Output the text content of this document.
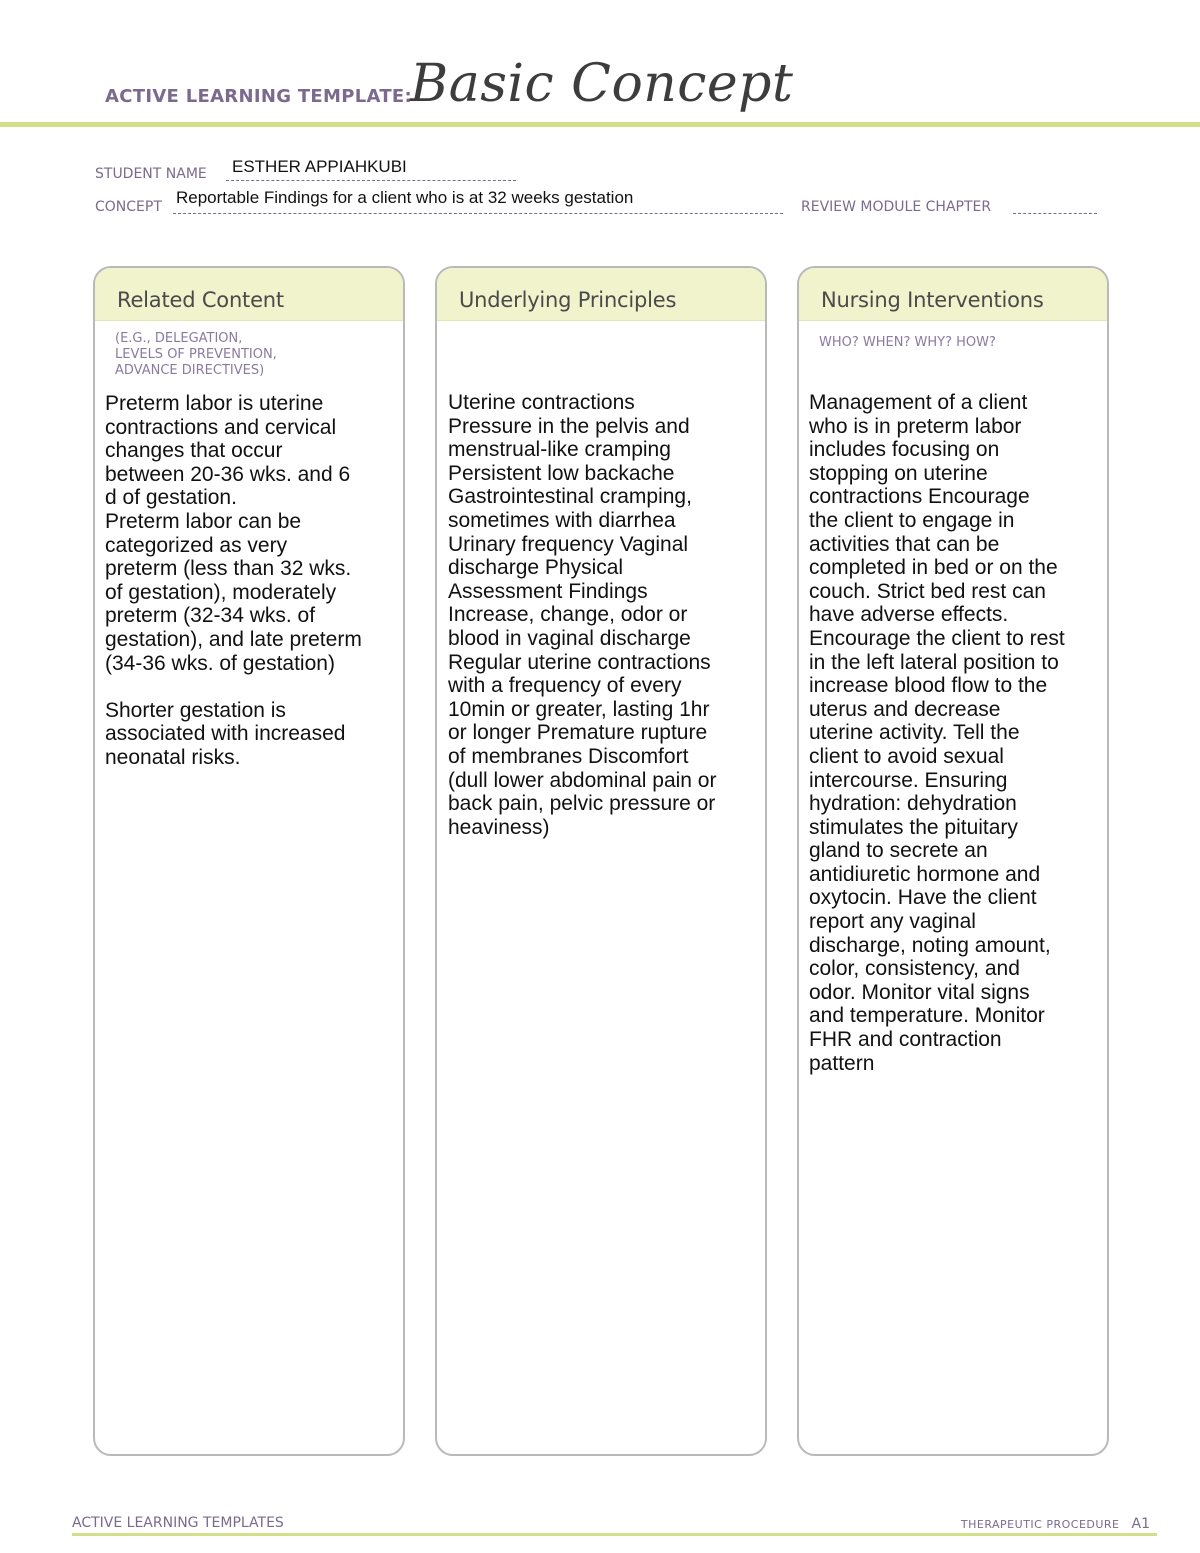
ACTIVE LEARNING TEMPLATE:
Basic Concept
STUDENT NAME ESTHER APPIAHKUBI
CONCEPT Reportable Findings for a client who is at 32 weeks gestation	REVIEW MODULE CHAPTER
Related Content
(E.G., DELEGATION,
LEVELS OF PREVENTION,
ADVANCE DIRECTIVES)
Preterm labor is uterine
contractions and cervical
changes that occur
between 20-36 wks. and 6
d of gestation.
Preterm labor can be
categorized as very
preterm (less than 32 wks.
of gestation), moderately
preterm (32-34 wks. of
gestation), and late preterm
(34-36 wks. of gestation)

Shorter gestation is
associated with increased
neonatal risks.
Underlying Principles
Uterine contractions
Pressure in the pelvis and
menstrual-like cramping
Persistent low backache
Gastrointestinal cramping,
sometimes with diarrhea
Urinary frequency Vaginal
discharge Physical
Assessment Findings
Increase, change, odor or
blood in vaginal discharge
Regular uterine contractions
with a frequency of every
10min or greater, lasting 1hr
or longer Premature rupture
of membranes Discomfort
(dull lower abdominal pain or
back pain, pelvic pressure or
heaviness)
Nursing Interventions
WHO? WHEN? WHY? HOW?
Management of a client
who is in preterm labor
includes focusing on
stopping on uterine
contractions Encourage
the client to engage in
activities that can be
completed in bed or on the
couch. Strict bed rest can
have adverse effects.
Encourage the client to rest
in the left lateral position to
increase blood flow to the
uterus and decrease
uterine activity. Tell the
client to avoid sexual
intercourse. Ensuring
hydration: dehydration
stimulates the pituitary
gland to secrete an
antidiuretic hormone and
oxytocin. Have the client
report any vaginal
discharge, noting amount,
color, consistency, and
odor. Monitor vital signs
and temperature. Monitor
FHR and contraction
pattern
ACTIVE LEARNING TEMPLATES	THERAPEUTIC PROCEDURE A1
